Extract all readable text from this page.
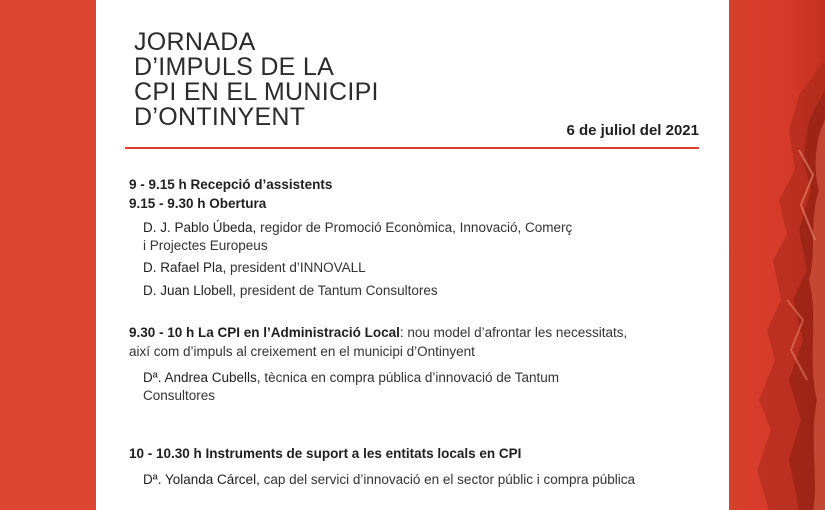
JORNADA
D’IMPULS DE LA
CPI EN EL MUNICIPI
D’ONTINYENT	6 de juliol del 2021
9 - 9.15 h Recepció d’assistents
9.15 - 9.30 h Obertura
D. J. Pablo Úbeda, regidor de Promoció Econòmica, Innovació, Comerç
i Projectes Europeus
D. Rafael Pla, president d’INNOVALL
D. Juan Llobell, president de Tantum Consultores
9.30 - 10 h La CPI en l’Administració Local: nou model d’afrontar les necessitats,
així com d’impuls al creixement en el municipi d’Ontinyent
Dª. Andrea Cubells, tècnica en compra pública d’innovació de Tantum
Consultores
10 - 10.30 h Instruments de suport a les entitats locals en CPI
Dª. Yolanda Cárcel, cap del servici d’innovació en el sector públic i compra pública
